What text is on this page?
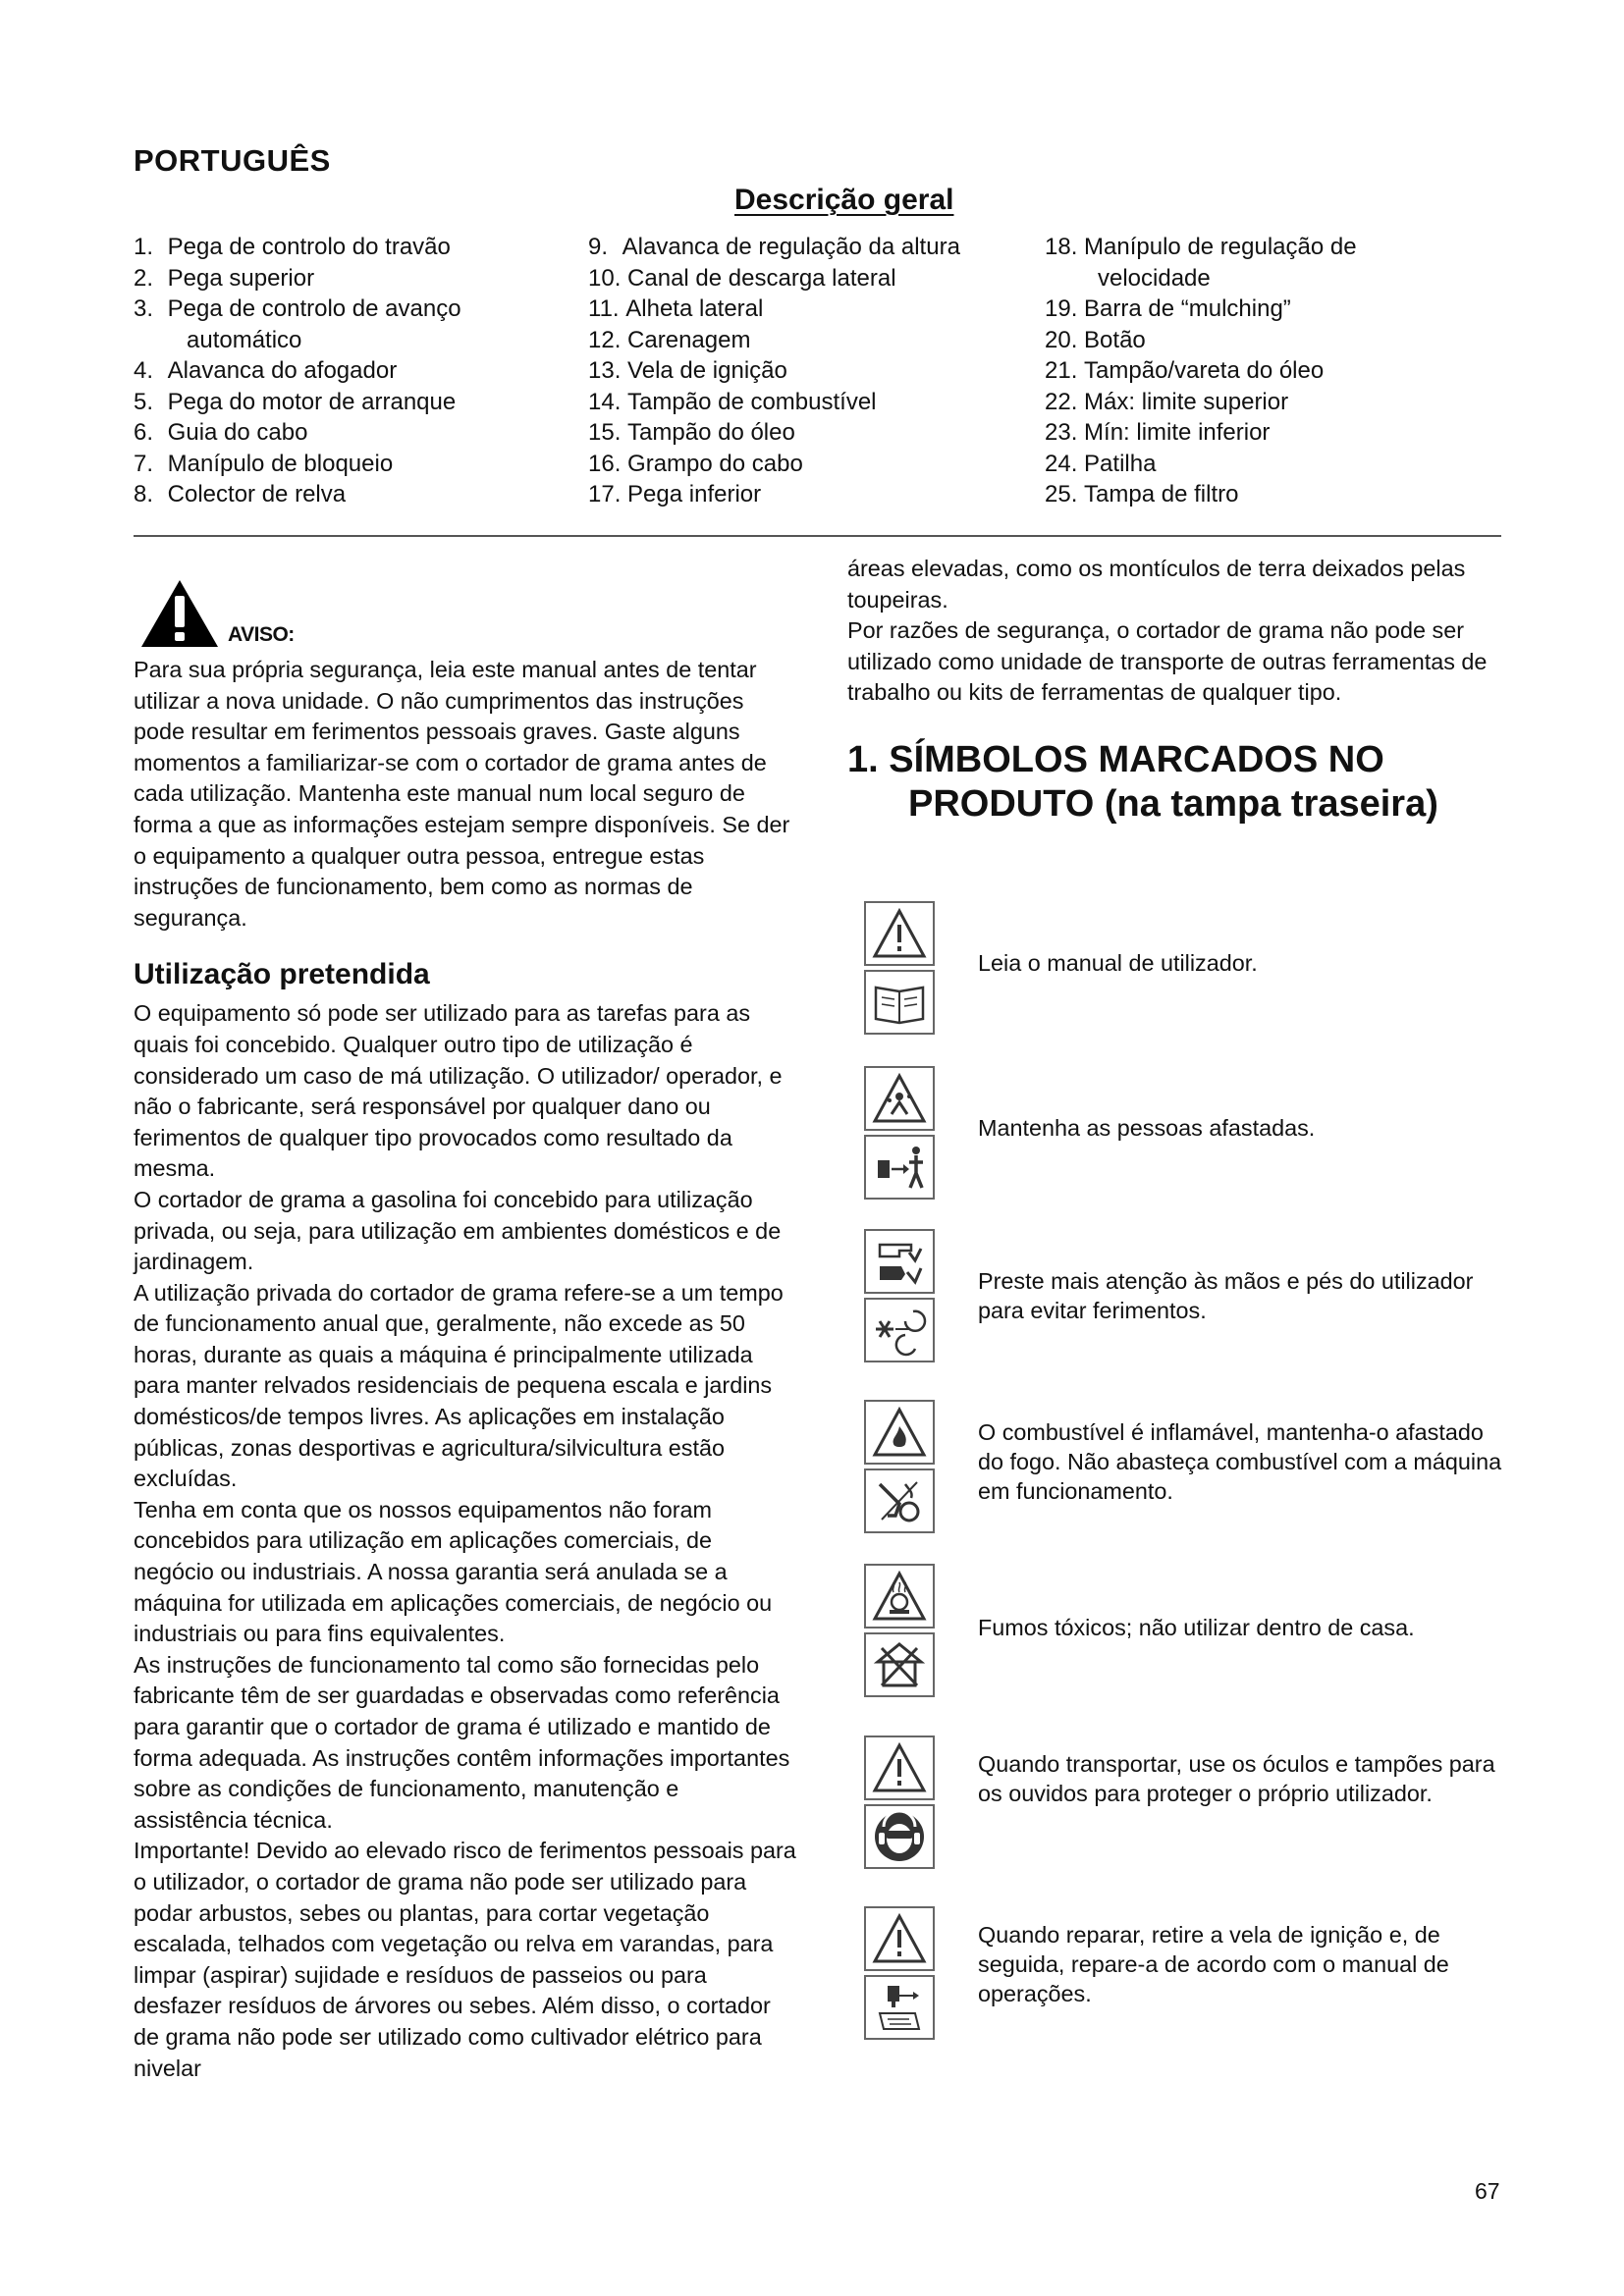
PORTUGUÊS
Descrição geral
1.
Pega de controlo do travão
2.
Pega superior
3.
Pega de controlo de avanço
automático
4.
Alavanca do afogador
5.
Pega do motor de arranque
6.
Guia do cabo
7.
Manípulo de bloqueio
8.
Colector de relva
9.
Alavanca de regulação da altura
10.
Canal de descarga lateral
11.
Alheta lateral
12.
Carenagem
13.
Vela de ignição
14.
Tampão de combustível
15.
Tampão do óleo
16.
Grampo do cabo
17.
Pega inferior
18.
Manípulo de regulação de
velocidade
19.
Barra de “mulching”
20.
Botão
21.
Tampão/vareta do óleo
22.
Máx: limite superior
23.
Mín: limite inferior
24.
Patilha
25.
Tampa de filtro
AVISO:

Para sua própria segurança, leia este manual antes de tentar utilizar a nova unidade. O não cumprimentos das instruções pode resultar em ferimentos pessoais graves. Gaste alguns momentos a familiarizar-se com o cortador de grama antes de cada utilização. Mantenha este manual num local seguro de forma a que as informações estejam sempre disponíveis. Se der o equipamento a qualquer outra pessoa, entregue estas instruções de funcionamento, bem como as normas de segurança.

Utilização pretendida

O equipamento só pode ser utilizado para as tarefas para as quais foi concebido. Qualquer outro tipo de utilização é considerado um caso de má utilização. O utilizador/ operador, e não o fabricante, será responsável por qualquer dano ou ferimentos de qualquer tipo provocados como resultado da mesma.

O cortador de grama a gasolina foi concebido para utilização privada, ou seja, para utilização em ambientes domésticos e de jardinagem.

A utilização privada do cortador de grama refere-se a um tempo de funcionamento anual que, geralmente, não excede as 50 horas, durante as quais a máquina é principalmente utilizada para manter relvados residenciais de pequena escala e jardins domésticos/de tempos livres. As aplicações em instalação públicas, zonas desportivas e agricultura/silvicultura estão excluídas.

Tenha em conta que os nossos equipamentos não foram concebidos para utilização em aplicações comerciais, de negócio ou industriais. A nossa garantia será anulada se a máquina for utilizada em aplicações comerciais, de negócio ou industriais ou para fins equivalentes.

As instruções de funcionamento tal como são fornecidas pelo fabricante têm de ser guardadas e observadas como referência para garantir que o cortador de grama é utilizado e mantido de forma adequada. As instruções contêm informações importantes sobre as condições de funcionamento, manutenção e assistência técnica.

Importante! Devido ao elevado risco de ferimentos pessoais para o utilizador, o cortador de grama não pode ser utilizado para podar arbustos, sebes ou plantas, para cortar vegetação escalada, telhados com vegetação ou relva em varandas, para limpar (aspirar) sujidade e resíduos de passeios ou para desfazer resíduos de árvores ou sebes. Além disso, o cortador de grama não pode ser utilizado como cultivador elétrico para nivelar

áreas elevadas, como os montículos de terra deixados pelas toupeiras.

Por razões de segurança, o cortador de grama não pode ser utilizado como unidade de transporte de outras ferramentas de trabalho ou kits de ferramentas de qualquer tipo.

1. SÍMBOLOS MARCADOS NO
PRODUTO (na tampa traseira)
Leia o manual de utilizador.
Mantenha as pessoas afastadas.
Preste mais atenção às mãos e pés do utilizador para evitar ferimentos.
O combustível é inflamável, mantenha-o afastado do fogo. Não abasteça combustível com a máquina em funcionamento.
Fumos tóxicos; não utilizar dentro de casa.
Quando transportar, use os óculos e tampões para os ouvidos para proteger o próprio utilizador.
Quando reparar, retire a vela de ignição e, de seguida, repare-a de acordo com o manual de operações.
67
